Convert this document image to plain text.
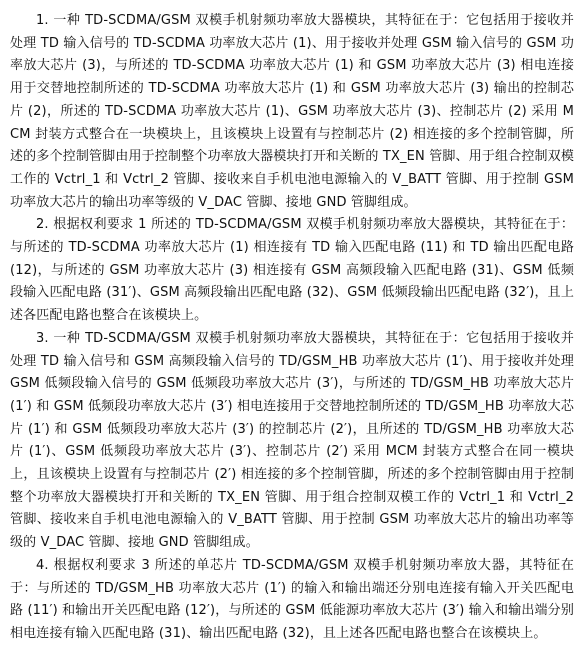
1. 一种 TD-SCDMA/GSM 双模手机射频功率放大器模块，其特征在于：它包括用于接收并处理 TD 输入信号的 TD-SCDMA 功率放大芯片 (1)、用于接收并处理 GSM 输入信号的 GSM 功率放大芯片 (3)，与所述的 TD-SCDMA 功率放大芯片 (1) 和 GSM 功率放大芯片 (3) 相电连接用于交替地控制所述的 TD-SCDMA 功率放大芯片 (1) 和 GSM 功率放大芯片 (3) 输出的控制芯片 (2)，所述的 TD-SCDMA 功率放大芯片 (1)、GSM 功率放大芯片 (3)、控制芯片 (2) 采用 MCM 封装方式整合在一块模块上，且该模块上设置有与控制芯片 (2) 相连接的多个控制管脚，所述的多个控制管脚由用于控制整个功率放大器模块打开和关断的 TX_EN 管脚、用于组合控制双模工作的 Vctrl_1 和 Vctrl_2 管脚、接收来自手机电池电源输入的 V_BATT 管脚、用于控制 GSM 功率放大芯片的输出功率等级的 V_DAC 管脚、接地 GND 管脚组成。

2. 根据权利要求 1 所述的 TD-SCDMA/GSM 双模手机射频功率放大器模块，其特征在于：与所述的 TD-SCDMA 功率放大芯片 (1) 相连接有 TD 输入匹配电路 (11) 和 TD 输出匹配电路 (12)，与所述的 GSM 功率放大芯片 (3) 相连接有 GSM 高频段输入匹配电路 (31)、GSM 低频段输入匹配电路 (31′)、GSM 高频段输出匹配电路 (32)、GSM 低频段输出匹配电路 (32′)，且上述各匹配电路也整合在该模块上。

3. 一种 TD-SCDMA/GSM 双模手机射频功率放大器模块，其特征在于：它包括用于接收并处理 TD 输入信号和 GSM 高频段输入信号的 TD/GSM_HB 功率放大芯片 (1′)、用于接收并处理 GSM 低频段输入信号的 GSM 低频段功率放大芯片 (3′)，与所述的 TD/GSM_HB 功率放大芯片 (1′) 和 GSM 低频段功率放大芯片 (3′) 相电连接用于交替地控制所述的 TD/GSM_HB 功率放大芯片 (1′) 和 GSM 低频段功率放大芯片 (3′) 的控制芯片 (2′)，且所述的 TD/GSM_HB 功率放大芯片 (1′)、GSM 低频段功率放大芯片 (3′)、控制芯片 (2′) 采用 MCM 封装方式整合在同一模块上，且该模块上设置有与控制芯片 (2′) 相连接的多个控制管脚，所述的多个控制管脚由用于控制整个功率放大器模块打开和关断的 TX_EN 管脚、用于组合控制双模工作的 Vctrl_1 和 Vctrl_2 管脚、接收来自手机电池电源输入的 V_BATT 管脚、用于控制 GSM 功率放大芯片的输出功率等级的 V_DAC 管脚、接地 GND 管脚组成。

4. 根据权利要求 3 所述的单芯片 TD-SCDMA/GSM 双模手机射频功率放大器，其特征在于：与所述的 TD/GSM_HB 功率放大芯片 (1′) 的输入和输出端还分别电连接有输入开关匹配电路 (11′) 和输出开关匹配电路 (12′)，与所述的 GSM 低能源功率放大芯片 (3′) 输入和输出端分别相电连接有输入匹配电路 (31)、输出匹配电路 (32)，且上述各匹配电路也整合在该模块上。
